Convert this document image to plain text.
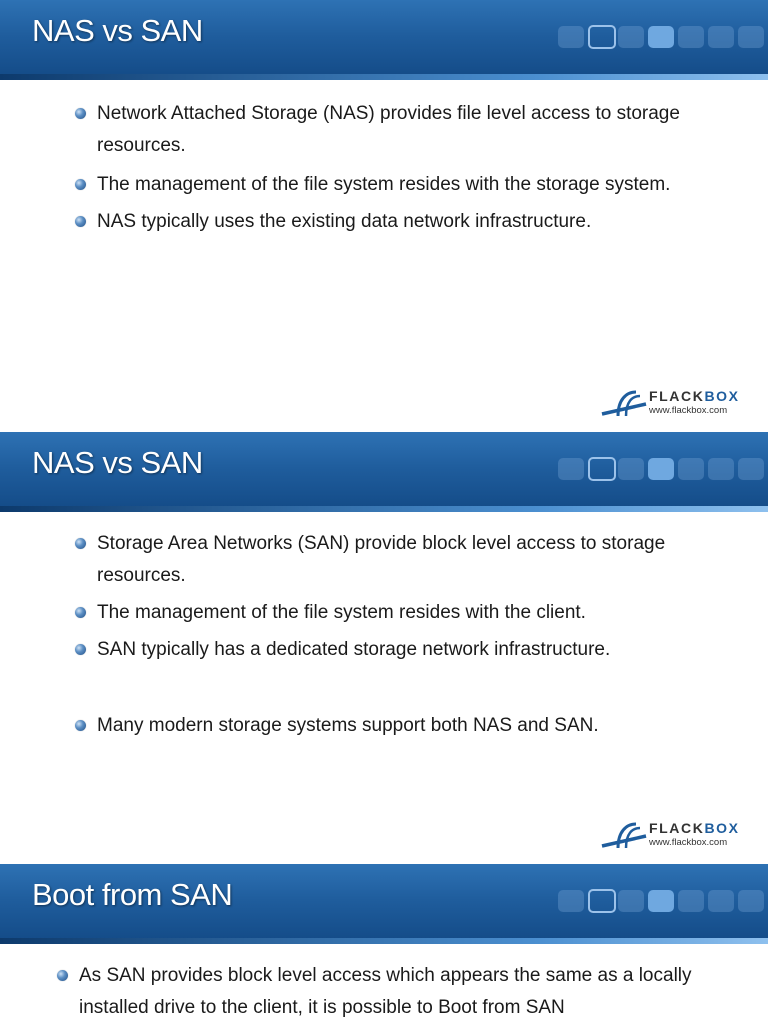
NAS vs SAN
Network Attached Storage (NAS) provides file level access to storage resources.
The management of the file system resides with the storage system.
NAS typically uses the existing data network infrastructure.
FLACKBOX
www.flackbox.com
NAS vs SAN
Storage Area Networks (SAN) provide block level access to storage resources.
The management of the file system resides with the client.
SAN typically has a dedicated storage network infrastructure.
Many modern storage systems support both NAS and SAN.
FLACKBOX
www.flackbox.com
Boot from SAN
As SAN provides block level access which appears the same as a locally installed drive to the client, it is possible to Boot from SAN
